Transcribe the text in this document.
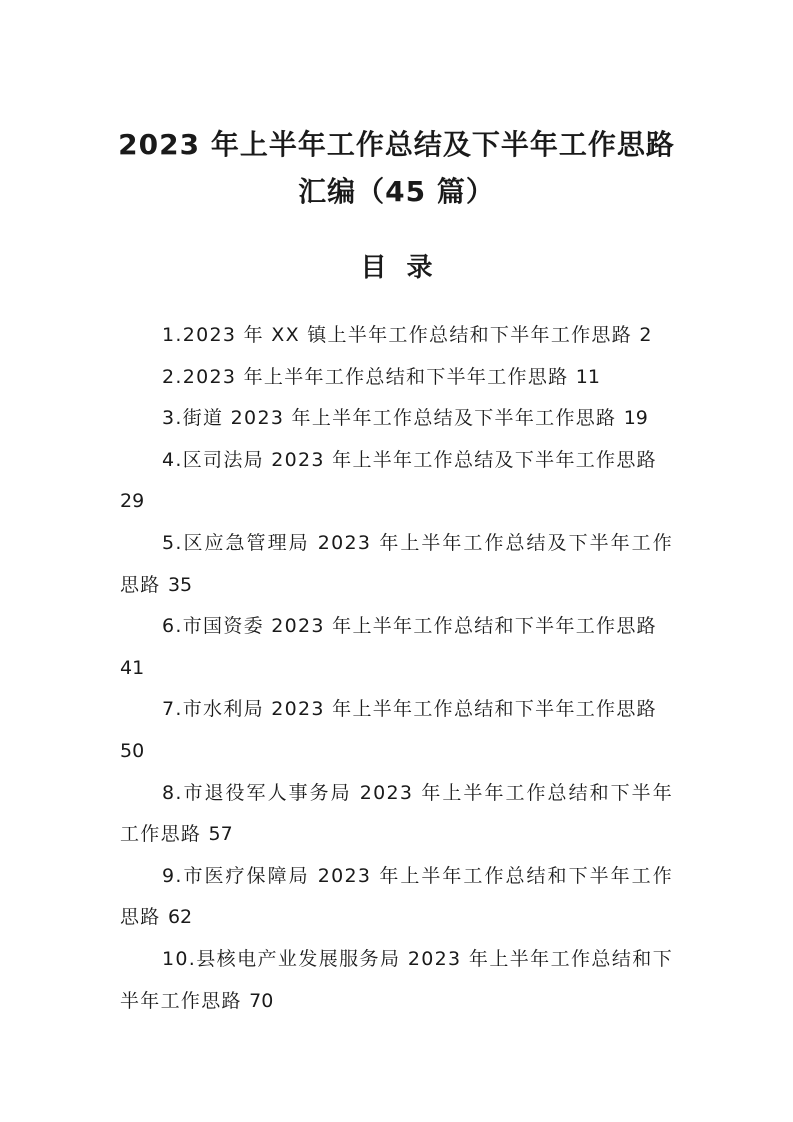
2023 年上半年工作总结及下半年工作思路
汇编（45 篇）
目 录
1.2023 年 XX 镇上半年工作总结和下半年工作思路 2
2.2023 年上半年工作总结和下半年工作思路 11
3.街道 2023 年上半年工作总结及下半年工作思路 19
4.区司法局 2023 年上半年工作总结及下半年工作思路
29
5.区应急管理局 2023 年上半年工作总结及下半年工作思路 35
6.市国资委 2023 年上半年工作总结和下半年工作思路
41
7.市水利局 2023 年上半年工作总结和下半年工作思路
50
8.市退役军人事务局 2023 年上半年工作总结和下半年工作思路 57
9.市医疗保障局 2023 年上半年工作总结和下半年工作思路 62
10.县核电产业发展服务局 2023 年上半年工作总结和下半年工作思路 70
